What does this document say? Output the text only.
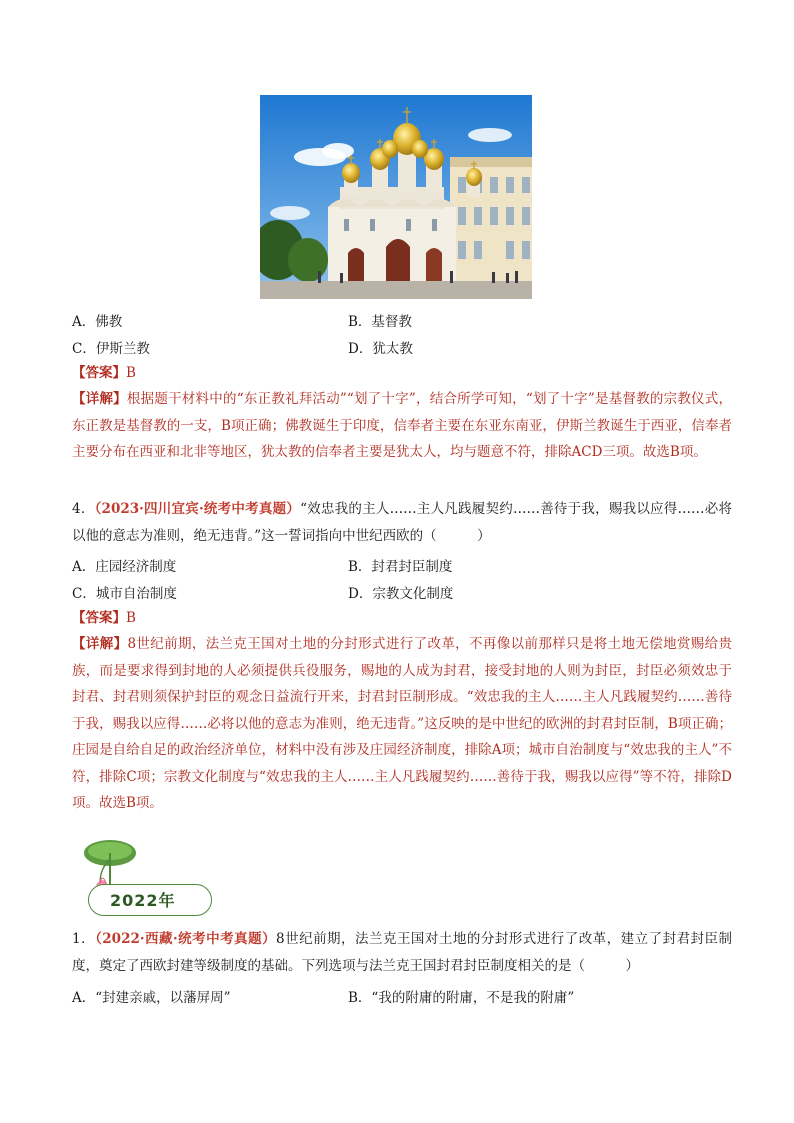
A．佛教	B．基督教
C．伊斯兰教	D．犹太教
【答案】B
【详解】根据题干材料中的“东正教礼拜活动”“划了十字”，结合所学可知，“划了十字”是基督教的宗教仪式，东正教是基督教的一支，B项正确；佛教诞生于印度，信奉者主要在东亚东南亚，伊斯兰教诞生于西亚，信奉者主要分布在西亚和北非等地区，犹太教的信奉者主要是犹太人，均与题意不符，排除ACD三项。故选B项。
4．（2023·四川宜宾·统考中考真题）“效忠我的主人……主人凡践履契约……善待于我，赐我以应得……必将以他的意志为准则，绝无违背。”这一誓词指向中世纪西欧的（　　　）
A．庄园经济制度	B．封君封臣制度
C．城市自治制度	D．宗教文化制度
【答案】B
【详解】8世纪前期，法兰克王国对土地的分封形式进行了改革，不再像以前那样只是将土地无偿地赏赐给贵族，而是要求得到封地的人必须提供兵役服务，赐地的人成为封君，接受封地的人则为封臣，封臣必须效忠于封君、封君则须保护封臣的观念日益流行开来，封君封臣制形成。“效忠我的主人……主人凡践履契约……善待于我，赐我以应得……必将以他的意志为准则，绝无违背。”这反映的是中世纪的欧洲的封君封臣制，B项正确；庄园是自给自足的政治经济单位，材料中没有涉及庄园经济制度，排除A项；城市自治制度与“效忠我的主人”不符，排除C项；宗教文化制度与“效忠我的主人……主人凡践履契约……善待于我，赐我以应得”等不符，排除D项。故选B项。
2022年
1．（2022·西藏·统考中考真题）8世纪前期，法兰克王国对土地的分封形式进行了改革，建立了封君封臣制度，奠定了西欧封建等级制度的基础。下列选项与法兰克王国封君封臣制度相关的是（　　　）
A．“封建亲戚，以藩屏周”	B．“我的附庸的附庸，不是我的附庸”
